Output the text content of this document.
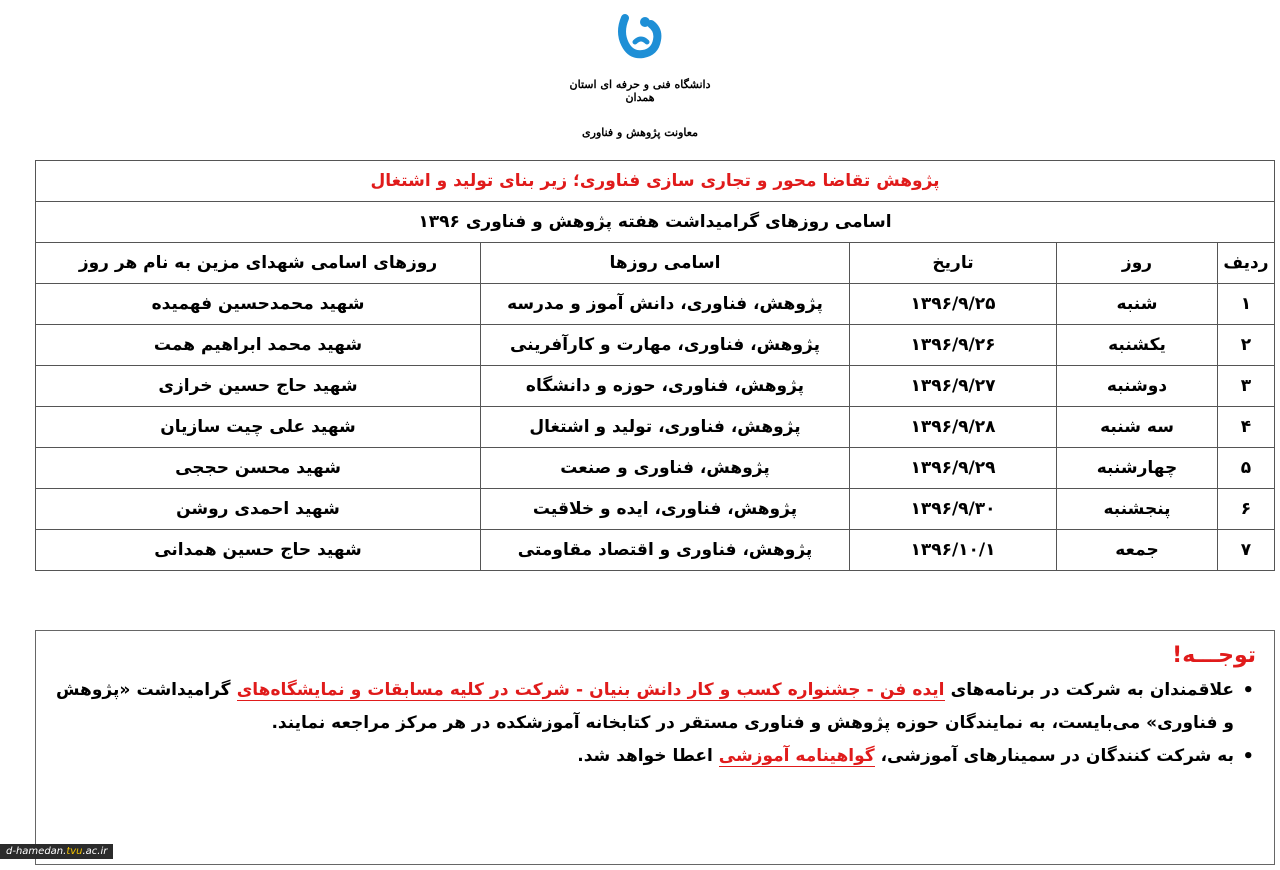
دانشگاه فنی و حرفه ای استان همدان
معاونت پژوهش و فناوری
پژوهش تقاضا محور و تجاری سازی فناوری؛ زیر بنای تولید و اشتغال				
اسامی روزهای گرامیداشت هفته پژوهش و فناوری ۱۳۹۶				
ردیف	روز	تاریخ	اسامی روزها	روزهای اسامی شهدای مزین به نام هر روز
۱	شنبه	۱۳۹۶/۹/۲۵	پژوهش، فناوری، دانش آموز و مدرسه	شهید محمدحسین فهمیده
۲	یکشنبه	۱۳۹۶/۹/۲۶	پژوهش، فناوری، مهارت و کارآفرینی	شهید محمد ابراهیم همت
۳	دوشنبه	۱۳۹۶/۹/۲۷	پژوهش، فناوری، حوزه و دانشگاه	شهید حاج حسین خرازی
۴	سه شنبه	۱۳۹۶/۹/۲۸	پژوهش، فناوری، تولید و اشتغال	شهید علی چیت سازیان
۵	چهارشنبه	۱۳۹۶/۹/۲۹	پژوهش، فناوری و صنعت	شهید محسن حججی
۶	پنجشنبه	۱۳۹۶/۹/۳۰	پژوهش، فناوری، ایده و خلاقیت	شهید احمدی روشن
۷	جمعه	۱۳۹۶/۱۰/۱	پژوهش، فناوری و اقتصاد مقاومتی	شهید حاج حسین همدانی
توجـــه!
• علاقمندان به شرکت در برنامه‌های ایده فن - جشنواره کسب و کار دانش بنیان - شرکت در کلیه مسابقات و نمایشگاه‌های گرامیداشت «پژوهش و فناوری» می‌بایست، به نمایندگان حوزه پژوهش و فناوری مستقر در کتابخانه آموزشکده در هر مرکز مراجعه نمایند.
• به شرکت کنندگان در سمینارهای آموزشی، گواهینامه آموزشی اعطا خواهد شد.
d-hamedan.tvu.ac.ir
